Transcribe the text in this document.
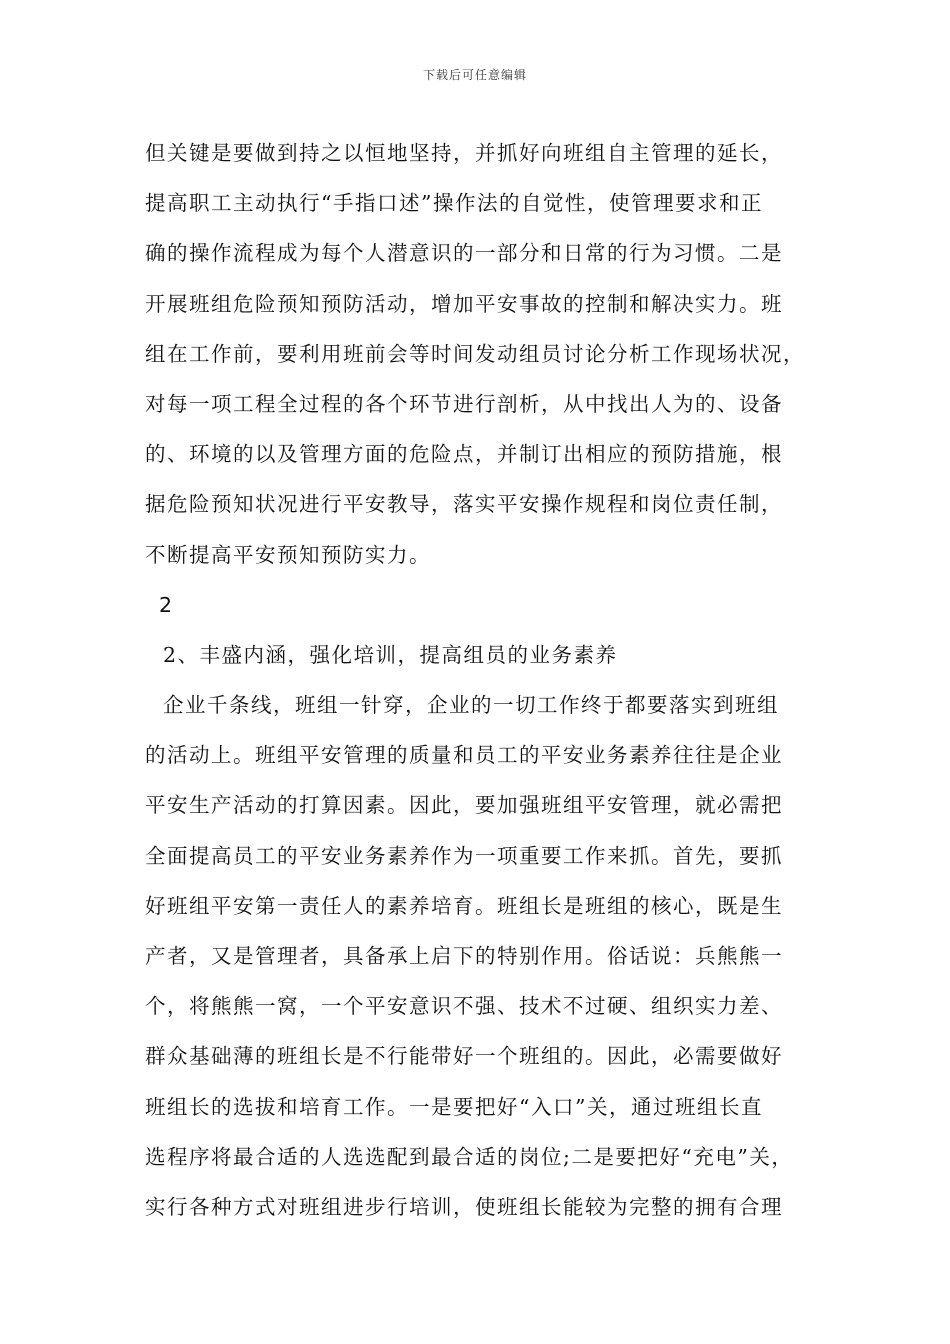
下载后可任意编辑
但关键是要做到持之以恒地坚持，并抓好向班组自主管理的延长，
提高职工主动执行“手指口述”操作法的自觉性，使管理要求和正
确的操作流程成为每个人潜意识的一部分和日常的行为习惯。二是
开展班组危险预知预防活动，增加平安事故的控制和解决实力。班
组在工作前，要利用班前会等时间发动组员讨论分析工作现场状况，
对每一项工程全过程的各个环节进行剖析，从中找出人为的、设备
的、环境的以及管理方面的危险点，并制订出相应的预防措施，根
据危险预知状况进行平安教导，落实平安操作规程和岗位责任制，
不断提高平安预知预防实力。
2
2、丰盛内涵，强化培训，提高组员的业务素养
企业千条线，班组一针穿，企业的一切工作终于都要落实到班组
的活动上。班组平安管理的质量和员工的平安业务素养往往是企业
平安生产活动的打算因素。因此，要加强班组平安管理，就必需把
全面提高员工的平安业务素养作为一项重要工作来抓。首先，要抓
好班组平安第一责任人的素养培育。班组长是班组的核心，既是生
产者，又是管理者，具备承上启下的特别作用。俗话说：兵熊熊一
个，将熊熊一窝，一个平安意识不强、技术不过硬、组织实力差、
群众基础薄的班组长是不行能带好一个班组的。因此，必需要做好
班组长的选拔和培育工作。一是要把好“入口”关，通过班组长直
选程序将最合适的人选选配到最合适的岗位;二是要把好“充电”关，
实行各种方式对班组进步行培训，使班组长能较为完整的拥有合理
